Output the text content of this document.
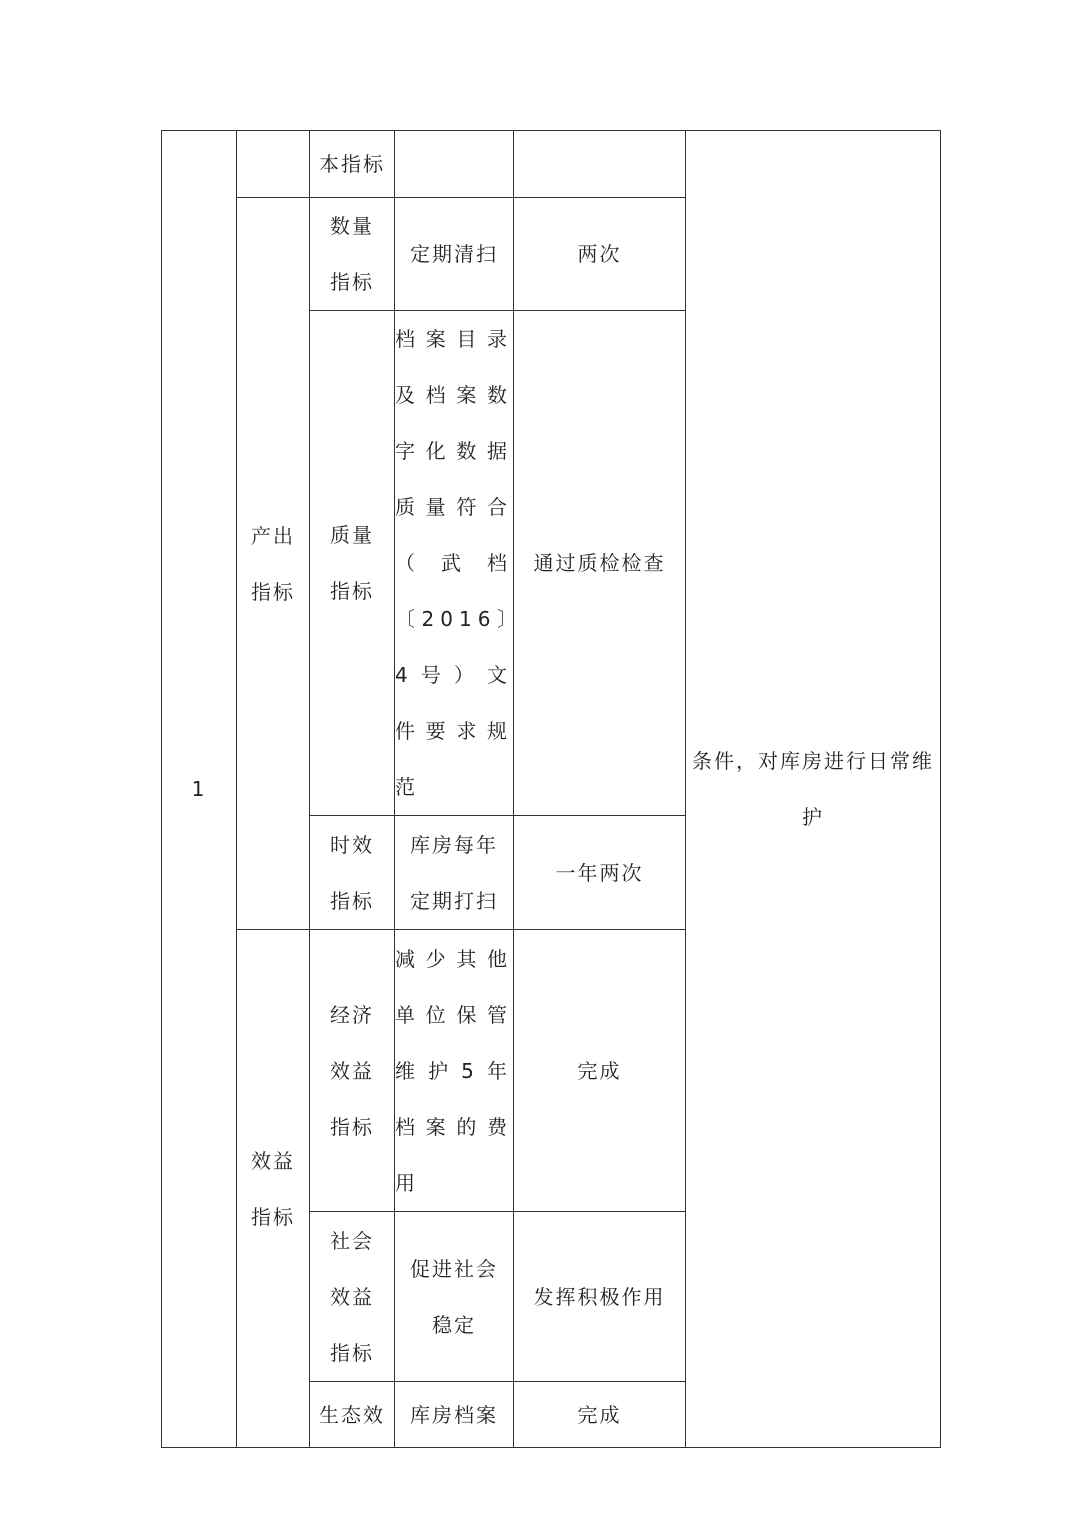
1		本指标			条件，对库房进行日常维护
	产出指标	数量指标	定期清扫	两次	
		质量指标	档案目录及档案数字化数据质量符合（武档〔2016〕4号）文件要求规范	通过质检检查	
		时效指标	库房每年定期打扫	一年两次	
	效益指标	经济效益指标	减少其他单位保管维护5年档案的费用	完成	
		社会效益指标	促进社会稳定	发挥积极作用	
		生态效	库房档案	完成	
